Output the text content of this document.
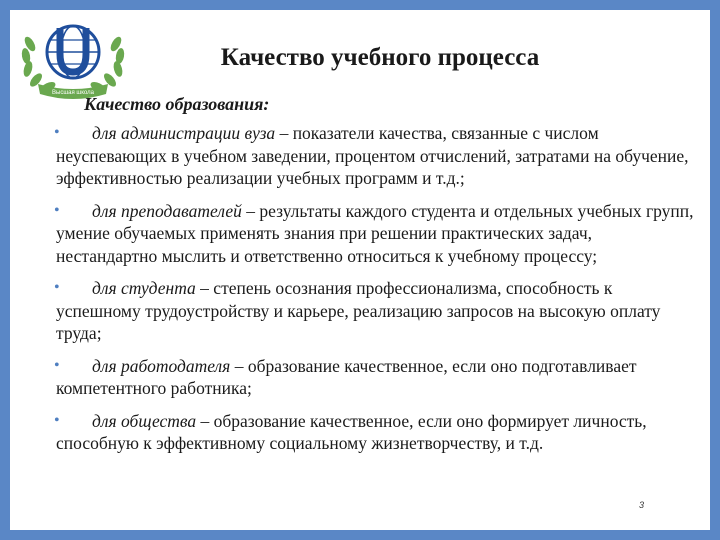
Высшая школа
Качество учебного процесса
Качество образования:
• для администрации вуза – показатели качества, связанные с числом неуспевающих в учебном заведении, процентом отчислений, затратами на обучение, эффективностью реализации учебных программ и т.д.;
• для преподавателей – результаты каждого студента и отдельных учебных групп, умение обучаемых применять знания при решении практических задач, нестандартно мыслить и ответственно относиться к учебному процессу;
• для студента – степень осознания профессионализма, способность к успешному трудоустройству и карьере, реализацию запросов на высокую оплату труда;
• для работодателя – образование качественное, если оно подготавливает компетентного работника;
• для общества – образование качественное, если оно формирует личность, способную к эффективному социальному жизнетворчеству, и т.д.
3
